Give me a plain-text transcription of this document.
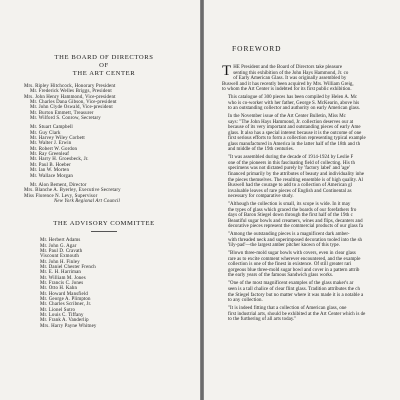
THE BOARD OF DIRECTORS
OF
THE ART CENTER
Mrs. Ripley Hitchcock, Honorary President
Mr. Frederick Welles Briggs, President
Mrs. John Henry Hammond, Vice-president
Mr. Charles Dana Gibson, Vice-president
Mr. John Clyde Oswald, Vice-president
Mr. Burton Emmett, Treasurer
Mr. Wilford S. Conrow, Secretary
Mr. Stuart Campbell
Mr. Guy Clark
Mr. Harvey Wiley Corbett
Mr. Walter J. Erwin
Mr. Robert W. Gordon
Mr. Ray Greenleaf
Mr. Harry H. Groesbeck, Jr.
Mr. Paul B. Hoeber
Mr. Ian W. Morten
Mr. Wallace Morgan
Mr. Alon Bement, Director
Mrs. Blanche A. Byerley, Executive Secretary
Miss Florence N. Levy, Supervisor
New York Regional Art Council
THE ADVISORY COMMITTEE
Mr. Herbert Adams
Mr. John G. Agar
Mr. Paul D. Cravath
Viscount Exmouth
Mr. John H. Finley
Mr. Daniel Chester French
Mr. E. H. Harriman
Mr. William M. Jones
Mr. Francis C. Jones
Mr. Otto H. Kahn
Mr. Howard Mansfield
Mr. George A. Plimpton
Mr. Charles Scribner, Jr.
Mr. Lionel Sutro
Mr. Louis C. Tiffany
Mr. Frank A. Vanderlip
Mrs. Harry Payne Whitney
FOREWORD

T HE President and the Board of Directors take pleasure
senting this exhibition of the John Hays Hammond, Jr. co
of Early American Glass. It was originally assembled by
Buswell and it has recently been acquired by Mrs. William Greig,
to whom the Art Center is indebted for its first public exhibition.

This catalogue of 300 pieces has been compiled by Helen A. Mc
who is co-worker with her father, George S. McKearin, above his
to an outstanding collector and authority on early American glass.

In the November issue of the Art Center Bulletin, Miss Mc
says: "The John Hays Hammond, Jr. collection deserves our at
because of its very important and outstanding pieces of early Ame
glass. It also has a special interest because it is the outcome of one
first serious efforts to form a collection representing typical example
glass manufactured in America in the latter half of the 18th and th
and middle of the 19th centuries.

"It was assembled during the decade of 1914-1924 by Leslie F
one of the pioneers in this fascinating field of collecting. His th
specimens was not dictated purely by 'factory label' and 'age'
financed primarily by the attributes of beauty and individuality inhe
the pieces themselves. The resulting ensemble is of high quality. Al
Buswell had the courage to add to a collection of American gl
invaluable leaves of rare pieces of English and Continental as
necessary for comparative study.

"Although the collection is small, its scope is wide. In it may
the types of glass which graced the boards of our forefathers fro
days of Baron Stiegel down through the first half of the 19th c
Beautiful sugar bowls and creamers, wines and flips, decanters and
decorative pieces represent the commercial products of our glass fa

"Among the outstanding pieces is a magnificent dark amber-
with threaded neck and superimposed decoration tooled into the sh
'lily-pad'—the largest amber pitcher known of this type.

"Blown three-mold sugar bowls with covers, even in clear glass
rare as to excite comment wherever encountered, and the example
collection is one of the finest in existence. Of still greater rari
gorgeous blue three-mold sugar bowl and cover in a pattern attrib
the early years of the famous Sandwich glass works.

"One of the most magnificent examples of the glass maker's ar
seen is a tall chalice of clear flint glass. Tradition attributes the ch
the Stiegel factory but no matter where it was made it is a notable a
to any collection.

"It is indeed fitting that a collection of American glass, one
first industrial arts, should be exhibited at the Art Center which is de
to the furthering of all arts today."
